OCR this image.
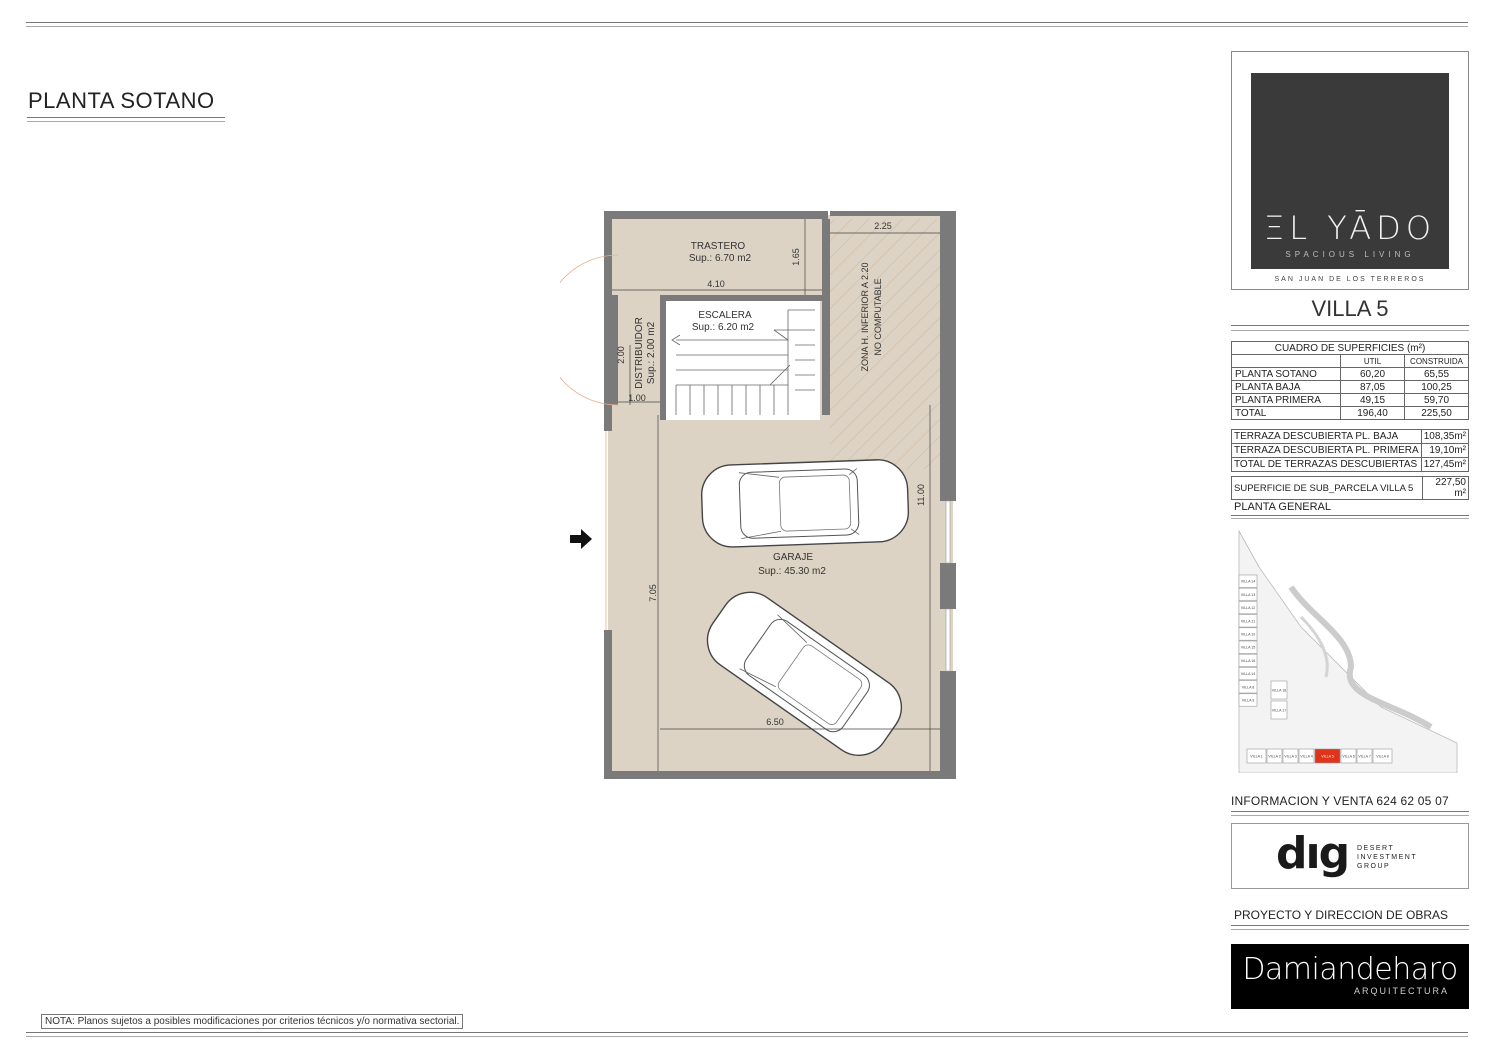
PLANTA SOTANO
TRASTERO
Sup.: 6.70 m2
ESCALERA
Sup.: 6.20 m2
DISTRIBUIDOR Sup.: 2.00 m2
GARAJE
Sup.: 45.30 m2
ZONA H. INFERIOR A 2.20 NO COMPUTABLE
2.25
1.65
4.10
2.00
1.00
11.00
7.05
6.50
ΞL YĀDO
SPACIOUS LIVING
SAN JUAN DE LOS TERREROS
VILLA 5
CUADRO DE SUPERFICIES (m²)		
	UTIL	CONSTRUIDA
PLANTA SOTANO	60,20	65,55
PLANTA BAJA	87,05	100,25
PLANTA PRIMERA	49,15	59,70
TOTAL	196,40	225,50
TERRAZA DESCUBIERTA PL. BAJA	108,35m²
TERRAZA DESCUBIERTA PL. PRIMERA	19,10m²
TOTAL DE TERRAZAS DESCUBIERTAS	127,45m²
SUPERFICIE DE SUB_PARCELA VILLA 5	227,50 m²
PLANTA GENERAL
VILLA 14
VILLA 13
VILLA 12
VILLA 11
VILLA 10
VILLA 15
VILLA 16
VILLA 14
VILLA 8
VILLA 9
VILLA 18
VILLA 17
VILLA 1 VILLA 2 VILLA 3 VILLA 4 VILLA 5 VILLA 6 VILLA 7 VILLA 8
INFORMACION Y VENTA 624 62 05 07
dıg DESERT INVESTMENT GROUP
PROYECTO Y DIRECCION DE OBRAS
Damiandeharo
ARQUITECTURA
NOTA: Planos sujetos a posibles modificaciones por criterios técnicos y/o normativa sectorial.
